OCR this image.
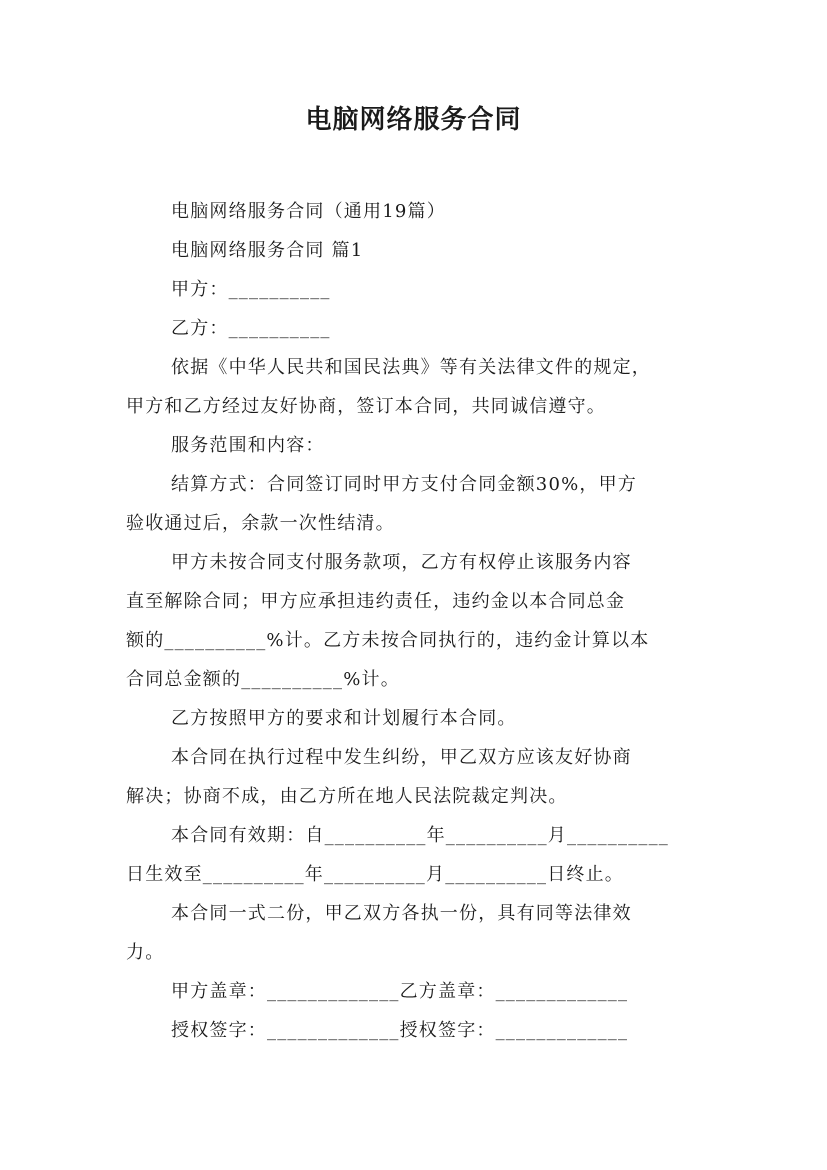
电脑网络服务合同
电脑网络服务合同（通用19篇）
电脑网络服务合同 篇1
甲方：__________
乙方：__________
依据《中华人民共和国民法典》等有关法律文件的规定，
甲方和乙方经过友好协商，签订本合同，共同诚信遵守。
服务范围和内容：
结算方式：合同签订同时甲方支付合同金额30%，甲方
验收通过后，余款一次性结清。
甲方未按合同支付服务款项，乙方有权停止该服务内容
直至解除合同；甲方应承担违约责任，违约金以本合同总金
额的__________%计。乙方未按合同执行的，违约金计算以本
合同总金额的__________%计。
乙方按照甲方的要求和计划履行本合同。
本合同在执行过程中发生纠纷，甲乙双方应该友好协商
解决；协商不成，由乙方所在地人民法院裁定判决。
本合同有效期：自__________年__________月__________
日生效至__________年__________月__________日终止。
本合同一式二份，甲乙双方各执一份，具有同等法律效
力。
甲方盖章：_____________乙方盖章：_____________
授权签字：_____________授权签字：_____________
